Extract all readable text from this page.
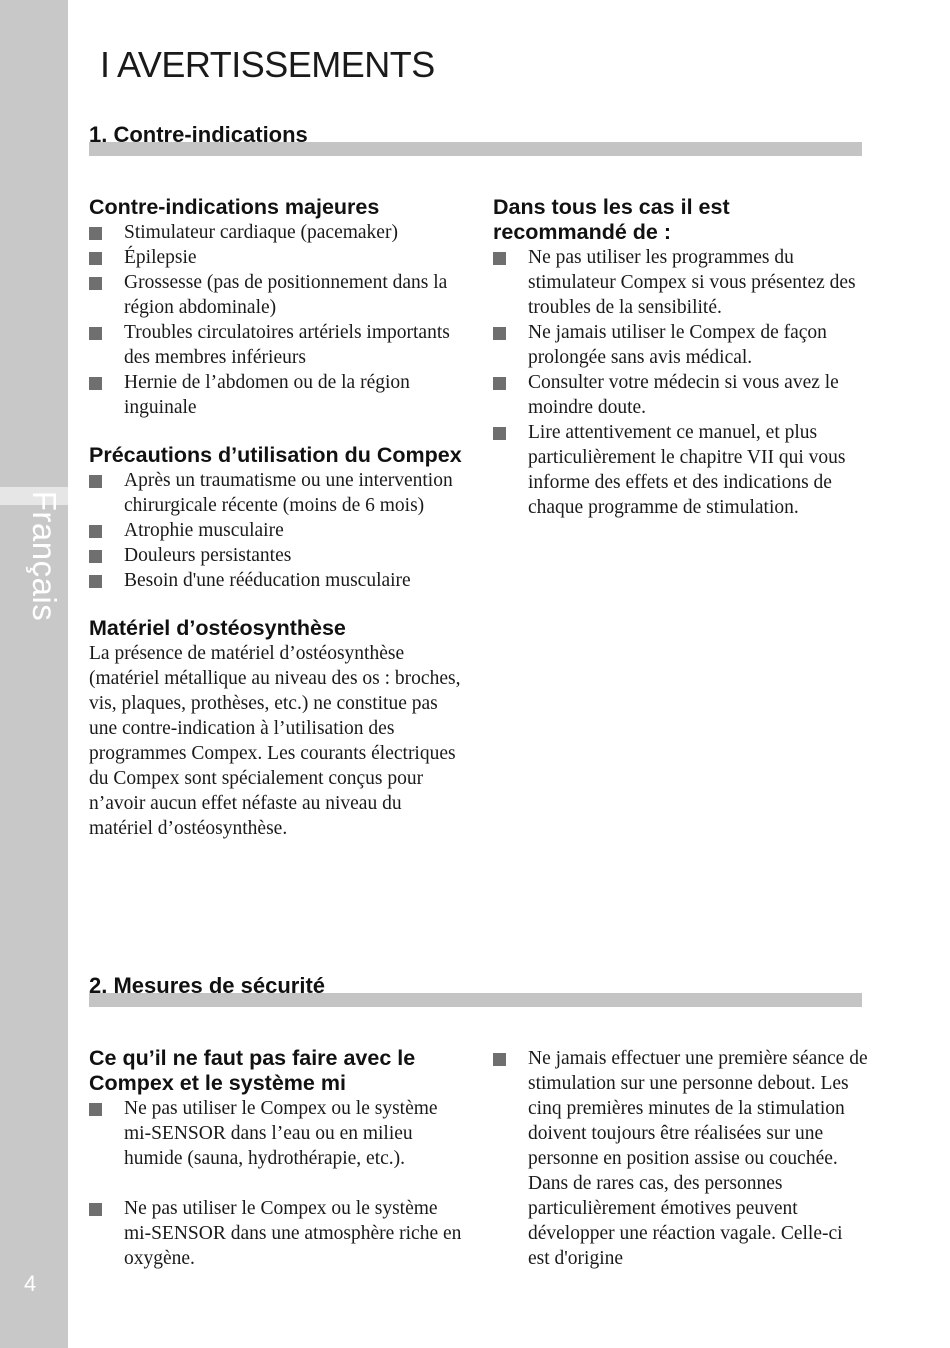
Français
4
I AVERTISSEMENTS
1. Contre-indications
Contre-indications majeures
Stimulateur cardiaque (pacemaker)
Épilepsie
Grossesse (pas de positionnement dans la région abdominale)
Troubles circulatoires artériels importants des membres inférieurs
Hernie de l’abdomen ou de la région inguinale
Précautions d’utilisation du Compex
Après un traumatisme ou une intervention chirurgicale récente (moins de 6 mois)
Atrophie musculaire
Douleurs persistantes
Besoin d'une rééducation musculaire
Matériel d’ostéosynthèse

La présence de matériel d’ostéosynthèse (matériel métallique au niveau des os : broches, vis, plaques, prothèses, etc.) ne constitue pas une contre-indication à l’utilisation des programmes Compex. Les courants électriques du Compex sont spécialement conçus pour n’avoir aucun effet néfaste au niveau du matériel d’ostéosynthèse.

Dans tous les cas il est recommandé de :
Ne pas utiliser les programmes du stimulateur Compex si vous présentez des troubles de la sensibilité.
Ne jamais utiliser le Compex de façon prolongée sans avis médical.
Consulter votre médecin si vous avez le moindre doute.
Lire attentivement ce manuel, et plus particulièrement le chapitre VII qui vous informe des effets et des indications de chaque programme de stimulation.
2. Mesures de sécurité
Ce qu’il ne faut pas faire avec le Compex et le système mi
Ne pas utiliser le Compex ou le système mi-SENSOR dans l’eau ou en milieu humide (sauna, hydrothérapie, etc.).
Ne pas utiliser le Compex ou le système mi-SENSOR dans une atmosphère riche en oxygène.
Ne jamais effectuer une première séance de stimulation sur une personne debout. Les cinq premières minutes de la stimulation doivent toujours être réalisées sur une personne en position assise ou couchée. Dans de rares cas, des personnes particulièrement émotives peuvent développer une réaction vagale. Celle-ci est d'origine
